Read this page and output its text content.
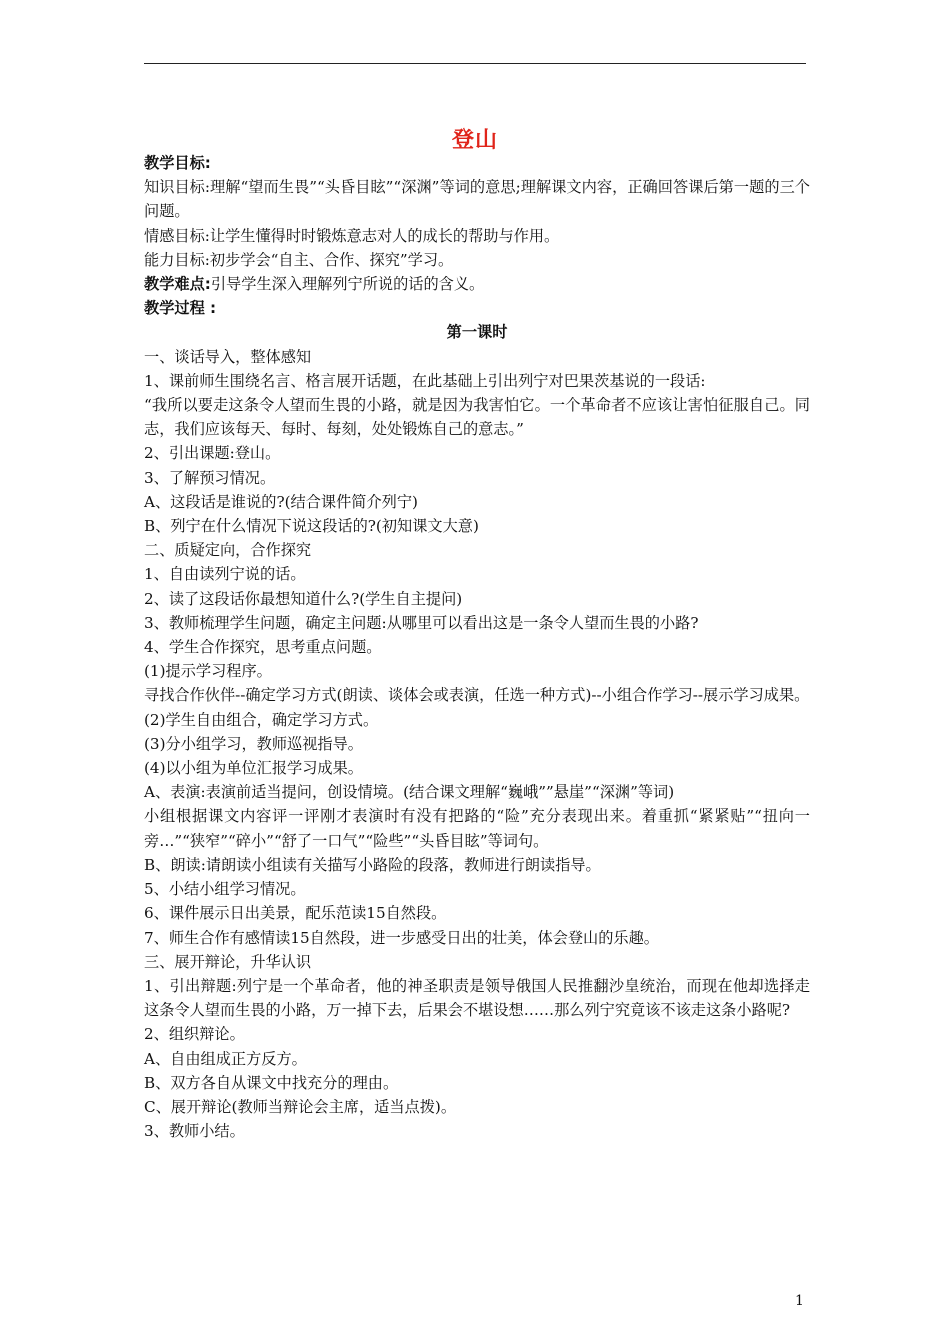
登山

教学目标:

知识目标:理解“望而生畏”“头昏目眩”“深渊”等词的意思;理解课文内容，正确回答课后第一题的三个问题。

情感目标:让学生懂得时时锻炼意志对人的成长的帮助与作用。

能力目标:初步学会“自主、合作、探究”学习。

教学难点:引导学生深入理解列宁所说的话的含义。

教学过程 :

第一课时

一、谈话导入，整体感知

1、课前师生围绕名言、格言展开话题，在此基础上引出列宁对巴果茨基说的一段话:

“我所以要走这条令人望而生畏的小路，就是因为我害怕它。一个革命者不应该让害怕征服自己。同志，我们应该每天、每时、每刻，处处锻炼自己的意志。”

2、引出课题:登山。

3、了解预习情况。

A、这段话是谁说的?(结合课件简介列宁)

B、列宁在什么情况下说这段话的?(初知课文大意)

二、质疑定向，合作探究

1、自由读列宁说的话。

2、读了这段话你最想知道什么?(学生自主提问)

3、教师梳理学生问题，确定主问题:从哪里可以看出这是一条令人望而生畏的小路?

4、学生合作探究，思考重点问题。

(1)提示学习程序。

寻找合作伙伴--确定学习方式(朗读、谈体会或表演，任选一种方式)--小组合作学习--展示学习成果。

(2)学生自由组合，确定学习方式。

(3)分小组学习，教师巡视指导。

(4)以小组为单位汇报学习成果。

A、表演:表演前适当提问，创设情境。(结合课文理解“巍峨””悬崖”“深渊”等词)

小组根据课文内容评一评刚才表演时有没有把路的“险”充分表现出来。着重抓“紧紧贴”“扭向一旁…”“狭窄”“碎小”“舒了一口气”“险些”“头昏目眩”等词句。

B、朗读:请朗读小组读有关描写小路险的段落，教师进行朗读指导。

5、小结小组学习情况。

6、课件展示日出美景，配乐范读15自然段。

7、师生合作有感情读15自然段，进一步感受日出的壮美，体会登山的乐趣。

三、展开辩论，升华认识

1、引出辩题:列宁是一个革命者，他的神圣职责是领导俄国人民推翻沙皇统治，而现在他却选择走这条令人望而生畏的小路，万一掉下去，后果会不堪设想……那么列宁究竟该不该走这条小路呢?

2、组织辩论。

A、自由组成正方反方。

B、双方各自从课文中找充分的理由。

C、展开辩论(教师当辩论会主席，适当点拨)。

3、教师小结。

1
